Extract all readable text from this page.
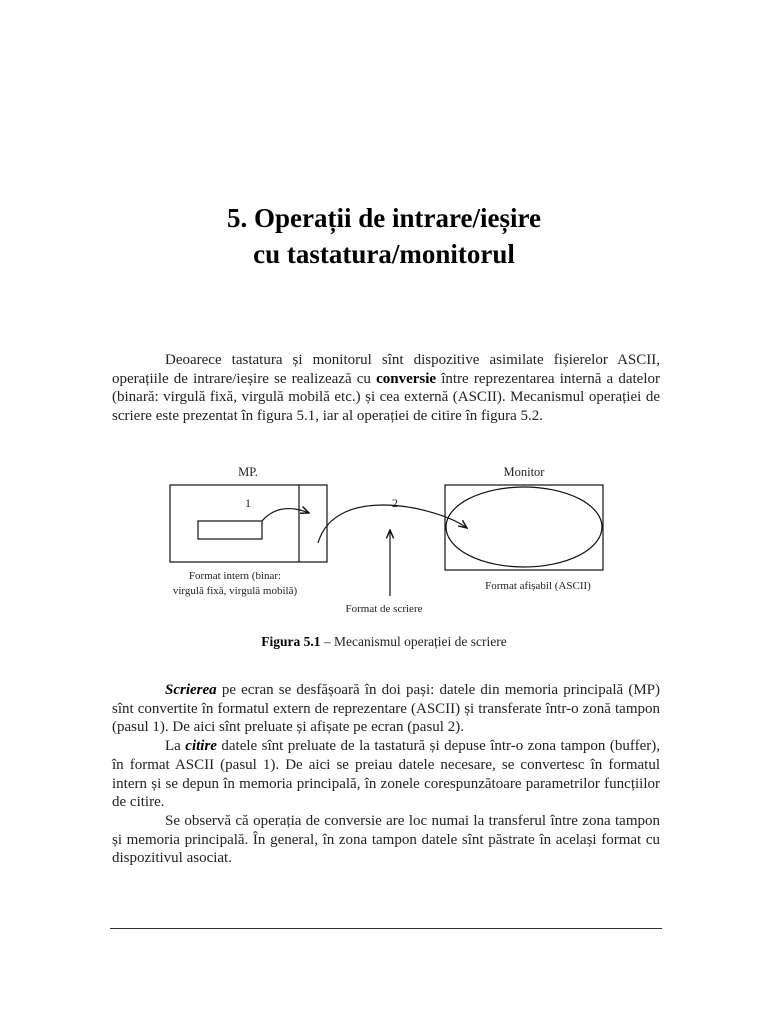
5. Operații de intrare/ieșire
cu tastatura/monitorul
Deoarece tastatura și monitorul sînt dispozitive asimilate fișierelor ASCII, operațiile de intrare/ieșire se realizează cu conversie între reprezentarea internă a datelor (binară: virgulă fixă, virgulă mobilă etc.) și cea externă (ASCII). Mecanismul operației de scriere este prezentat în figura 5.1, iar al operației de citire în figura 5.2.
MP.
1	2
Monitor
Format intern (binar:
virgulă fixă, virgulă mobilă)	Format afișabil (ASCII)
Format de scriere
Figura 5.1 – Mecanismul operației de scriere

Scrierea pe ecran se desfășoară în doi pași: datele din memoria principală (MP) sînt convertite în formatul extern de reprezentare (ASCII) și transferate într-o zonă tampon (pasul 1). De aici sînt preluate și afișate pe ecran (pasul 2).

La citire datele sînt preluate de la tastatură și depuse într-o zona tampon (buffer), în format ASCII (pasul 1). De aici se preiau datele necesare, se convertesc în formatul intern și se depun în memoria principală, în zonele corespunzătoare parametrilor funcțiilor de citire.

Se observă că operația de conversie are loc numai la transferul între zona tampon și memoria principală. În general, în zona tampon datele sînt păstrate în același format cu dispozitivul asociat.
